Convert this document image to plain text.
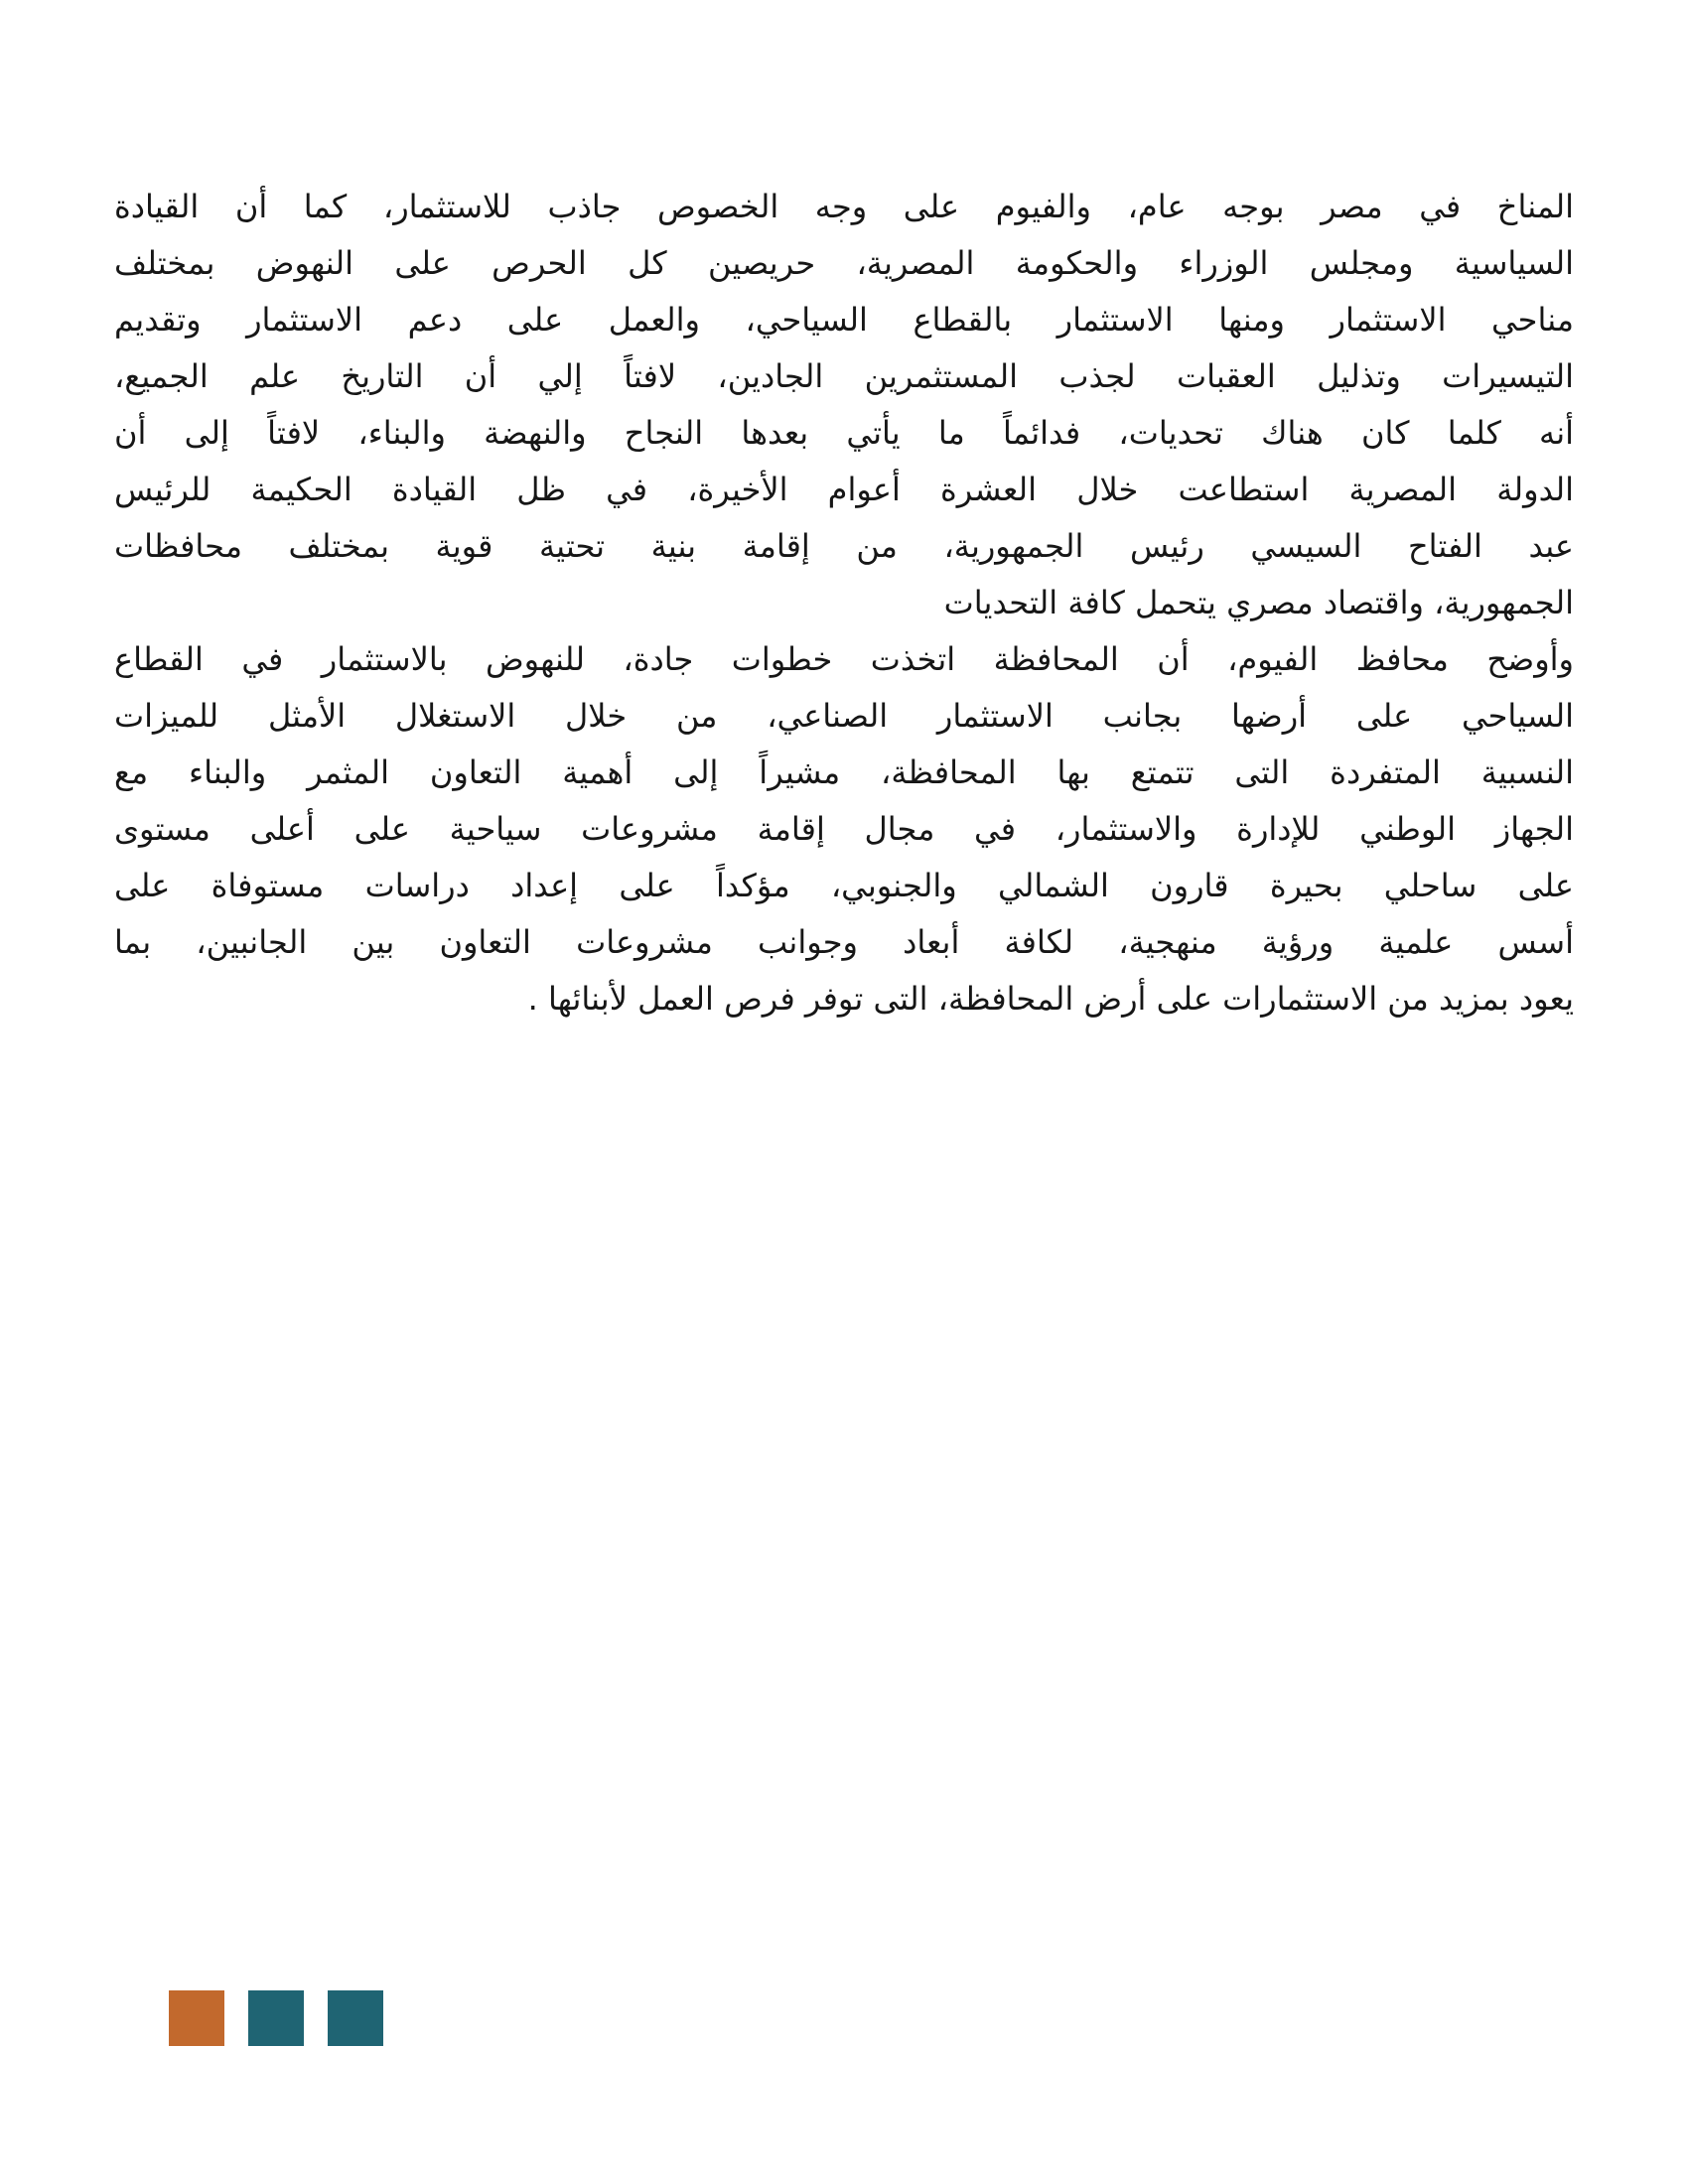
المناخ في مصر بوجه عام، والفيوم على وجه الخصوص جاذب للاستثمار، كما أن القيادة
السياسية ومجلس الوزراء والحكومة المصرية، حريصين كل الحرص على النهوض بمختلف
مناحي الاستثمار ومنها الاستثمار بالقطاع السياحي، والعمل على دعم الاستثمار وتقديم
التيسيرات وتذليل العقبات لجذب المستثمرين الجادين، لافتاً إلي أن التاريخ علم الجميع،
أنه كلما كان هناك تحديات، فدائماً ما يأتي بعدها النجاح والنهضة والبناء، لافتاً إلى أن
الدولة المصرية استطاعت خلال العشرة أعوام الأخيرة، في ظل القيادة الحكيمة للرئيس
عبد الفتاح السيسي رئيس الجمهورية، من إقامة بنية تحتية قوية بمختلف محافظات
الجمهورية، واقتصاد مصري يتحمل كافة التحديات
وأوضح محافظ الفيوم، أن المحافظة اتخذت خطوات جادة، للنهوض بالاستثمار في القطاع
السياحي على أرضها بجانب الاستثمار الصناعي، من خلال الاستغلال الأمثل للميزات
النسبية المتفردة التى تتمتع بها المحافظة، مشيراً إلى أهمية التعاون المثمر والبناء مع
الجهاز الوطني للإدارة والاستثمار، في مجال إقامة مشروعات سياحية على أعلى مستوى
على ساحلي بحيرة قارون الشمالي والجنوبي، مؤكداً على إعداد دراسات مستوفاة على
أسس علمية ورؤية منهجية، لكافة أبعاد وجوانب مشروعات التعاون بين الجانبين، بما
يعود بمزيد من الاستثمارات على أرض المحافظة، التى توفر فرص العمل لأبنائها .
